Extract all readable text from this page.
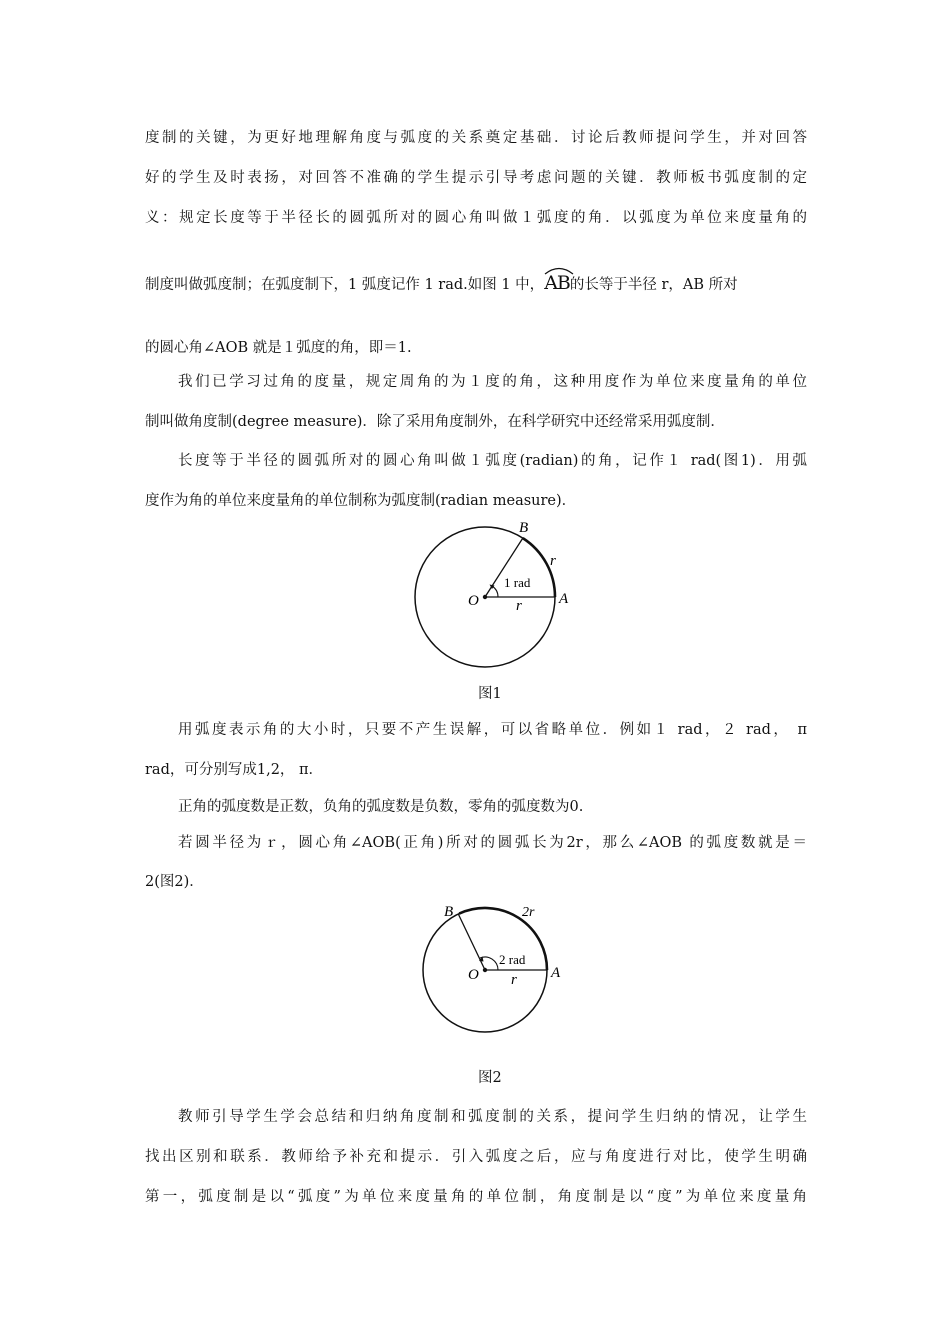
度制的关键，为更好地理解角度与弧度的关系奠定基础．讨论后教师提问学生，并对回答
好的学生及时表扬，对回答不准确的学生提示引导考虑问题的关键．教师板书弧度制的定
义：规定长度等于半径长的圆弧所对的圆心角叫做１弧度的角．以弧度为单位来度量角的
制度叫做弧度制；在弧度制下，1 弧度记作 1 rad.如图 1 中，
AB的长等于半径 r，AB 所对
的圆心角∠AOB 就是１弧度的角，即＝1.
我们已学习过角的度量，规定周角的为１度的角，这种用度作为单位来度量角的单位
制叫做角度制(degree measure)．除了采用角度制外，在科学研究中还经常采用弧度制．
长度等于半径的圆弧所对的圆心角叫做１弧度(radian)的角，记作１ rad(图1)．用弧
度作为角的单位来度量角的单位制称为弧度制(radian measure)．
B
r
1 rad
O r A
图1
用弧度表示角的大小时，只要不产生误解，可以省略单位．例如１ rad，２ rad， π
rad，可分别写成1,2， π．
正角的弧度数是正数，负角的弧度数是负数，零角的弧度数为0.
若圆半径为ｒ，圆心角∠AOB(正角)所对的圆弧长为2r，那么∠AOB 的弧度数就是＝
2(图2)．
B	2r
2 rad
O r A
图2
教师引导学生学会总结和归纳角度制和弧度制的关系，提问学生归纳的情况，让学生
找出区别和联系．教师给予补充和提示．引入弧度之后，应与角度进行对比，使学生明确
第一，弧度制是以“弧度”为单位来度量角的单位制，角度制是以“度”为单位来度量角
